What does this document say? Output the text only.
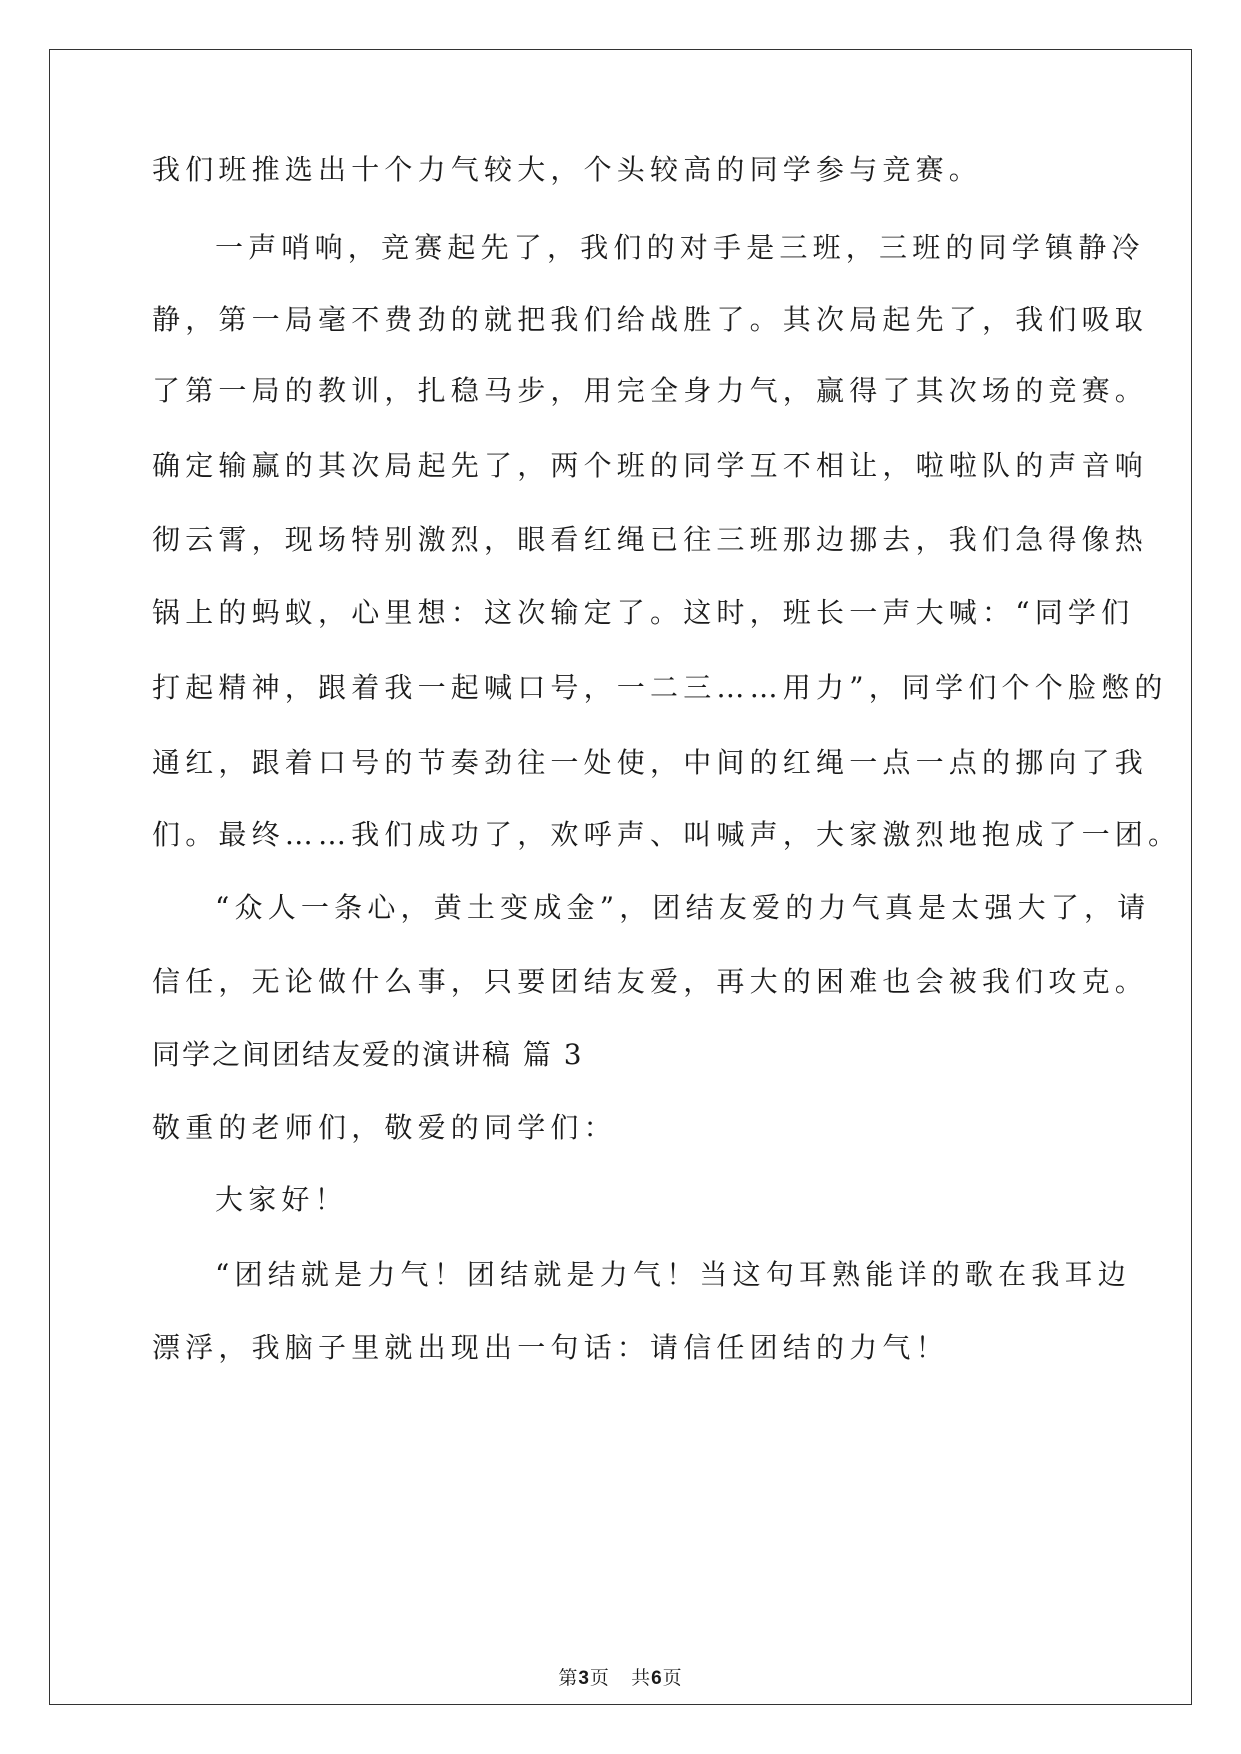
我们班推选出十个力气较大，个头较高的同学参与竞赛。
一声哨响，竞赛起先了，我们的对手是三班，三班的同学镇静冷
静，第一局毫不费劲的就把我们给战胜了。其次局起先了，我们吸取
了第一局的教训，扎稳马步，用完全身力气，赢得了其次场的竞赛。
确定输赢的其次局起先了，两个班的同学互不相让，啦啦队的声音响
彻云霄，现场特别激烈，眼看红绳已往三班那边挪去，我们急得像热
锅上的蚂蚁，心里想：这次输定了。这时，班长一声大喊：“同学们
打起精神，跟着我一起喊口号，一二三……用力”，同学们个个脸憋的
通红，跟着口号的节奏劲往一处使，中间的红绳一点一点的挪向了我
们。最终……我们成功了，欢呼声、叫喊声，大家激烈地抱成了一团。
“众人一条心，黄土变成金”，团结友爱的力气真是太强大了，请
信任，无论做什么事，只要团结友爱，再大的困难也会被我们攻克。
同学之间团结友爱的演讲稿 篇 3
敬重的老师们，敬爱的同学们：
大家好！
“团结就是力气！团结就是力气！当这句耳熟能详的歌在我耳边
漂浮，我脑子里就出现出一句话：请信任团结的力气！
第3页 共6页
